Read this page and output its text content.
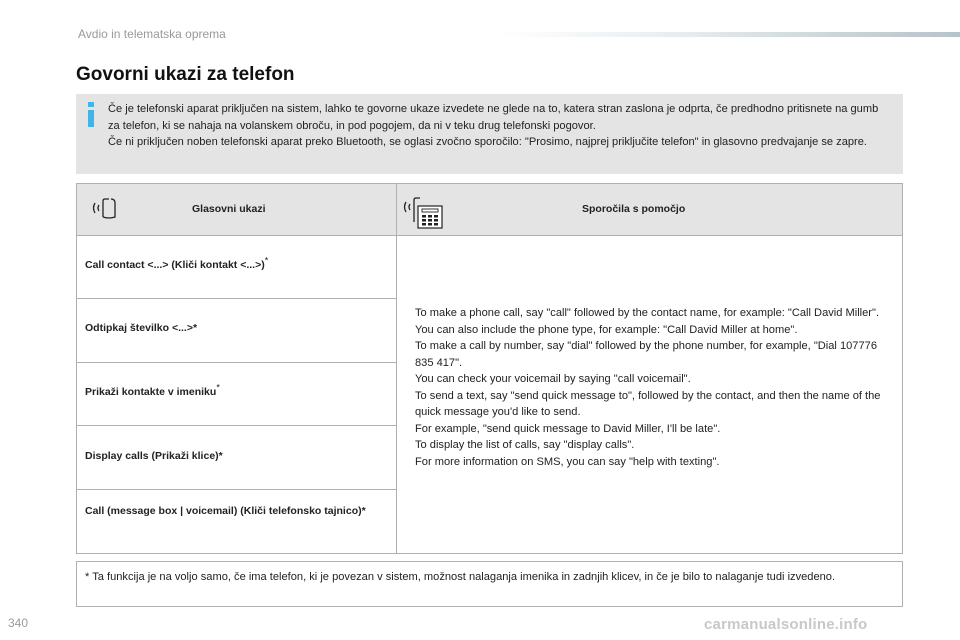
Avdio in telematska oprema
Govorni ukazi za telefon

Če je telefonski aparat priključen na sistem, lahko te govorne ukaze izvedete ne glede na to, katera stran zaslona je odprta, če predhodno pritisnete na gumb za telefon, ki se nahaja na volanskem obroču, in pod pogojem, da ni v teku drug telefonski pogovor.

Če ni priključen noben telefonski aparat preko Bluetooth, se oglasi zvočno sporočilo: "Prosimo, najprej priključite telefon" in glasovno predvajanje se zapre.

Glasovni ukazi	Sporočila s pomočjo
Call contact <...> (Kliči kontakt <...>)*
Odtipkaj številko <...>*
Prikaži kontakte v imeniku*
Display calls (Prikaži klice)*
Call (message box | voicemail) (Kliči telefonsko tajnico)*

To make a phone call, say "call" followed by the contact name, for example: "Call David Miller".

You can also include the phone type, for example: "Call David Miller at home".

To make a call by number, say "dial" followed by the phone number, for example, "Dial 107776 835 417".

You can check your voicemail by saying "call voicemail".

To send a text, say "send quick message to", followed by the contact, and then the name of the quick message you'd like to send.

For example, "send quick message to David Miller, I'll be late".

To display the list of calls, say "display calls".

For more information on SMS, you can say "help with texting".

* Ta funkcija je na voljo samo, če ima telefon, ki je povezan v sistem, možnost nalaganja imenika in zadnjih klicev, in če je bilo to nalaganje tudi izvedeno.
340	carmanualsonline.info
